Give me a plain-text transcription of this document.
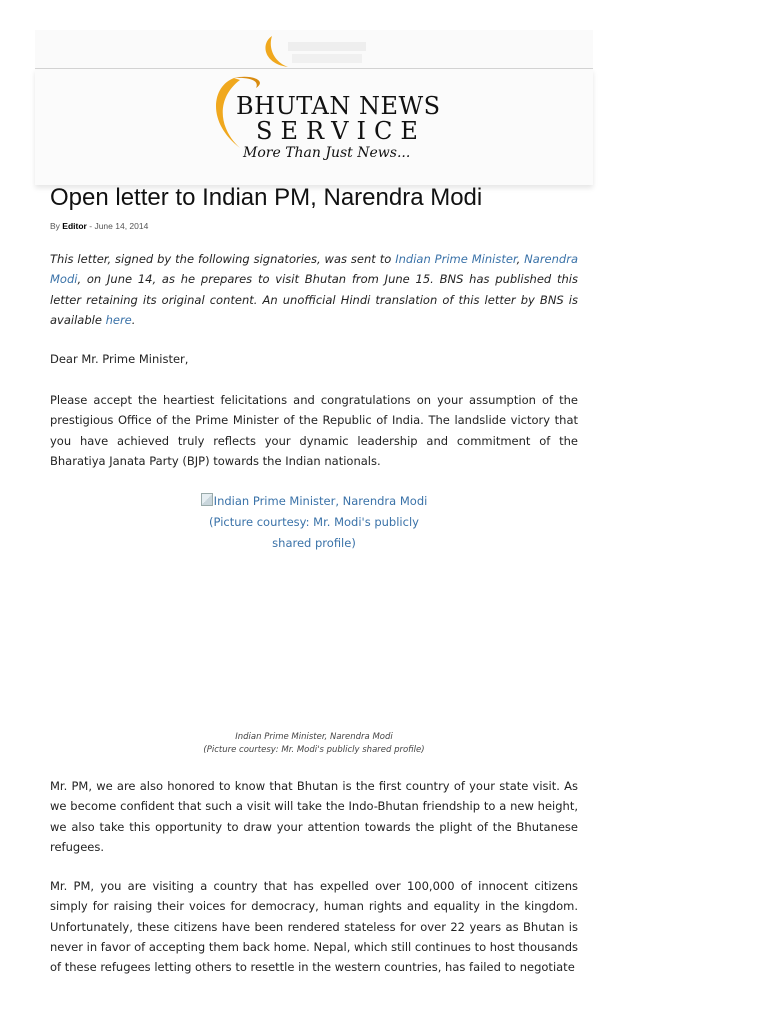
BHUTAN NEWS
SERVICE
More Than Just News...
Open letter to Indian PM, Narendra Modi
By Editor - June 14, 2014

This letter, signed by the following signatories, was sent to Indian Prime Minister, Narendra Modi, on June 14, as he prepares to visit Bhutan from June 15. BNS has published this letter retaining its original content. An unofficial Hindi translation of this letter by BNS is available here.

Dear Mr. Prime Minister,

Please accept the heartiest felicitations and congratulations on your assumption of the prestigious Office of the Prime Minister of the Republic of India. The landslide victory that you have achieved truly reflects your dynamic leadership and commitment of the Bharatiya Janata Party (BJP) towards the Indian nationals.

Indian Prime Minister, Narendra Modi (Picture courtesy: Mr. Modi's publicly shared profile)
Indian Prime Minister, Narendra Modi
(Picture courtesy: Mr. Modi's publicly shared profile)

Mr. PM, we are also honored to know that Bhutan is the first country of your state visit. As we become confident that such a visit will take the Indo-Bhutan friendship to a new height, we also take this opportunity to draw your attention towards the plight of the Bhutanese refugees.

Mr. PM, you are visiting a country that has expelled over 100,000 of innocent citizens simply for raising their voices for democracy, human rights and equality in the kingdom. Unfortunately, these citizens have been rendered stateless for over 22 years as Bhutan is never in favor of accepting them back home. Nepal, which still continues to host thousands of these refugees letting others to resettle in the western countries, has failed to negotiate
